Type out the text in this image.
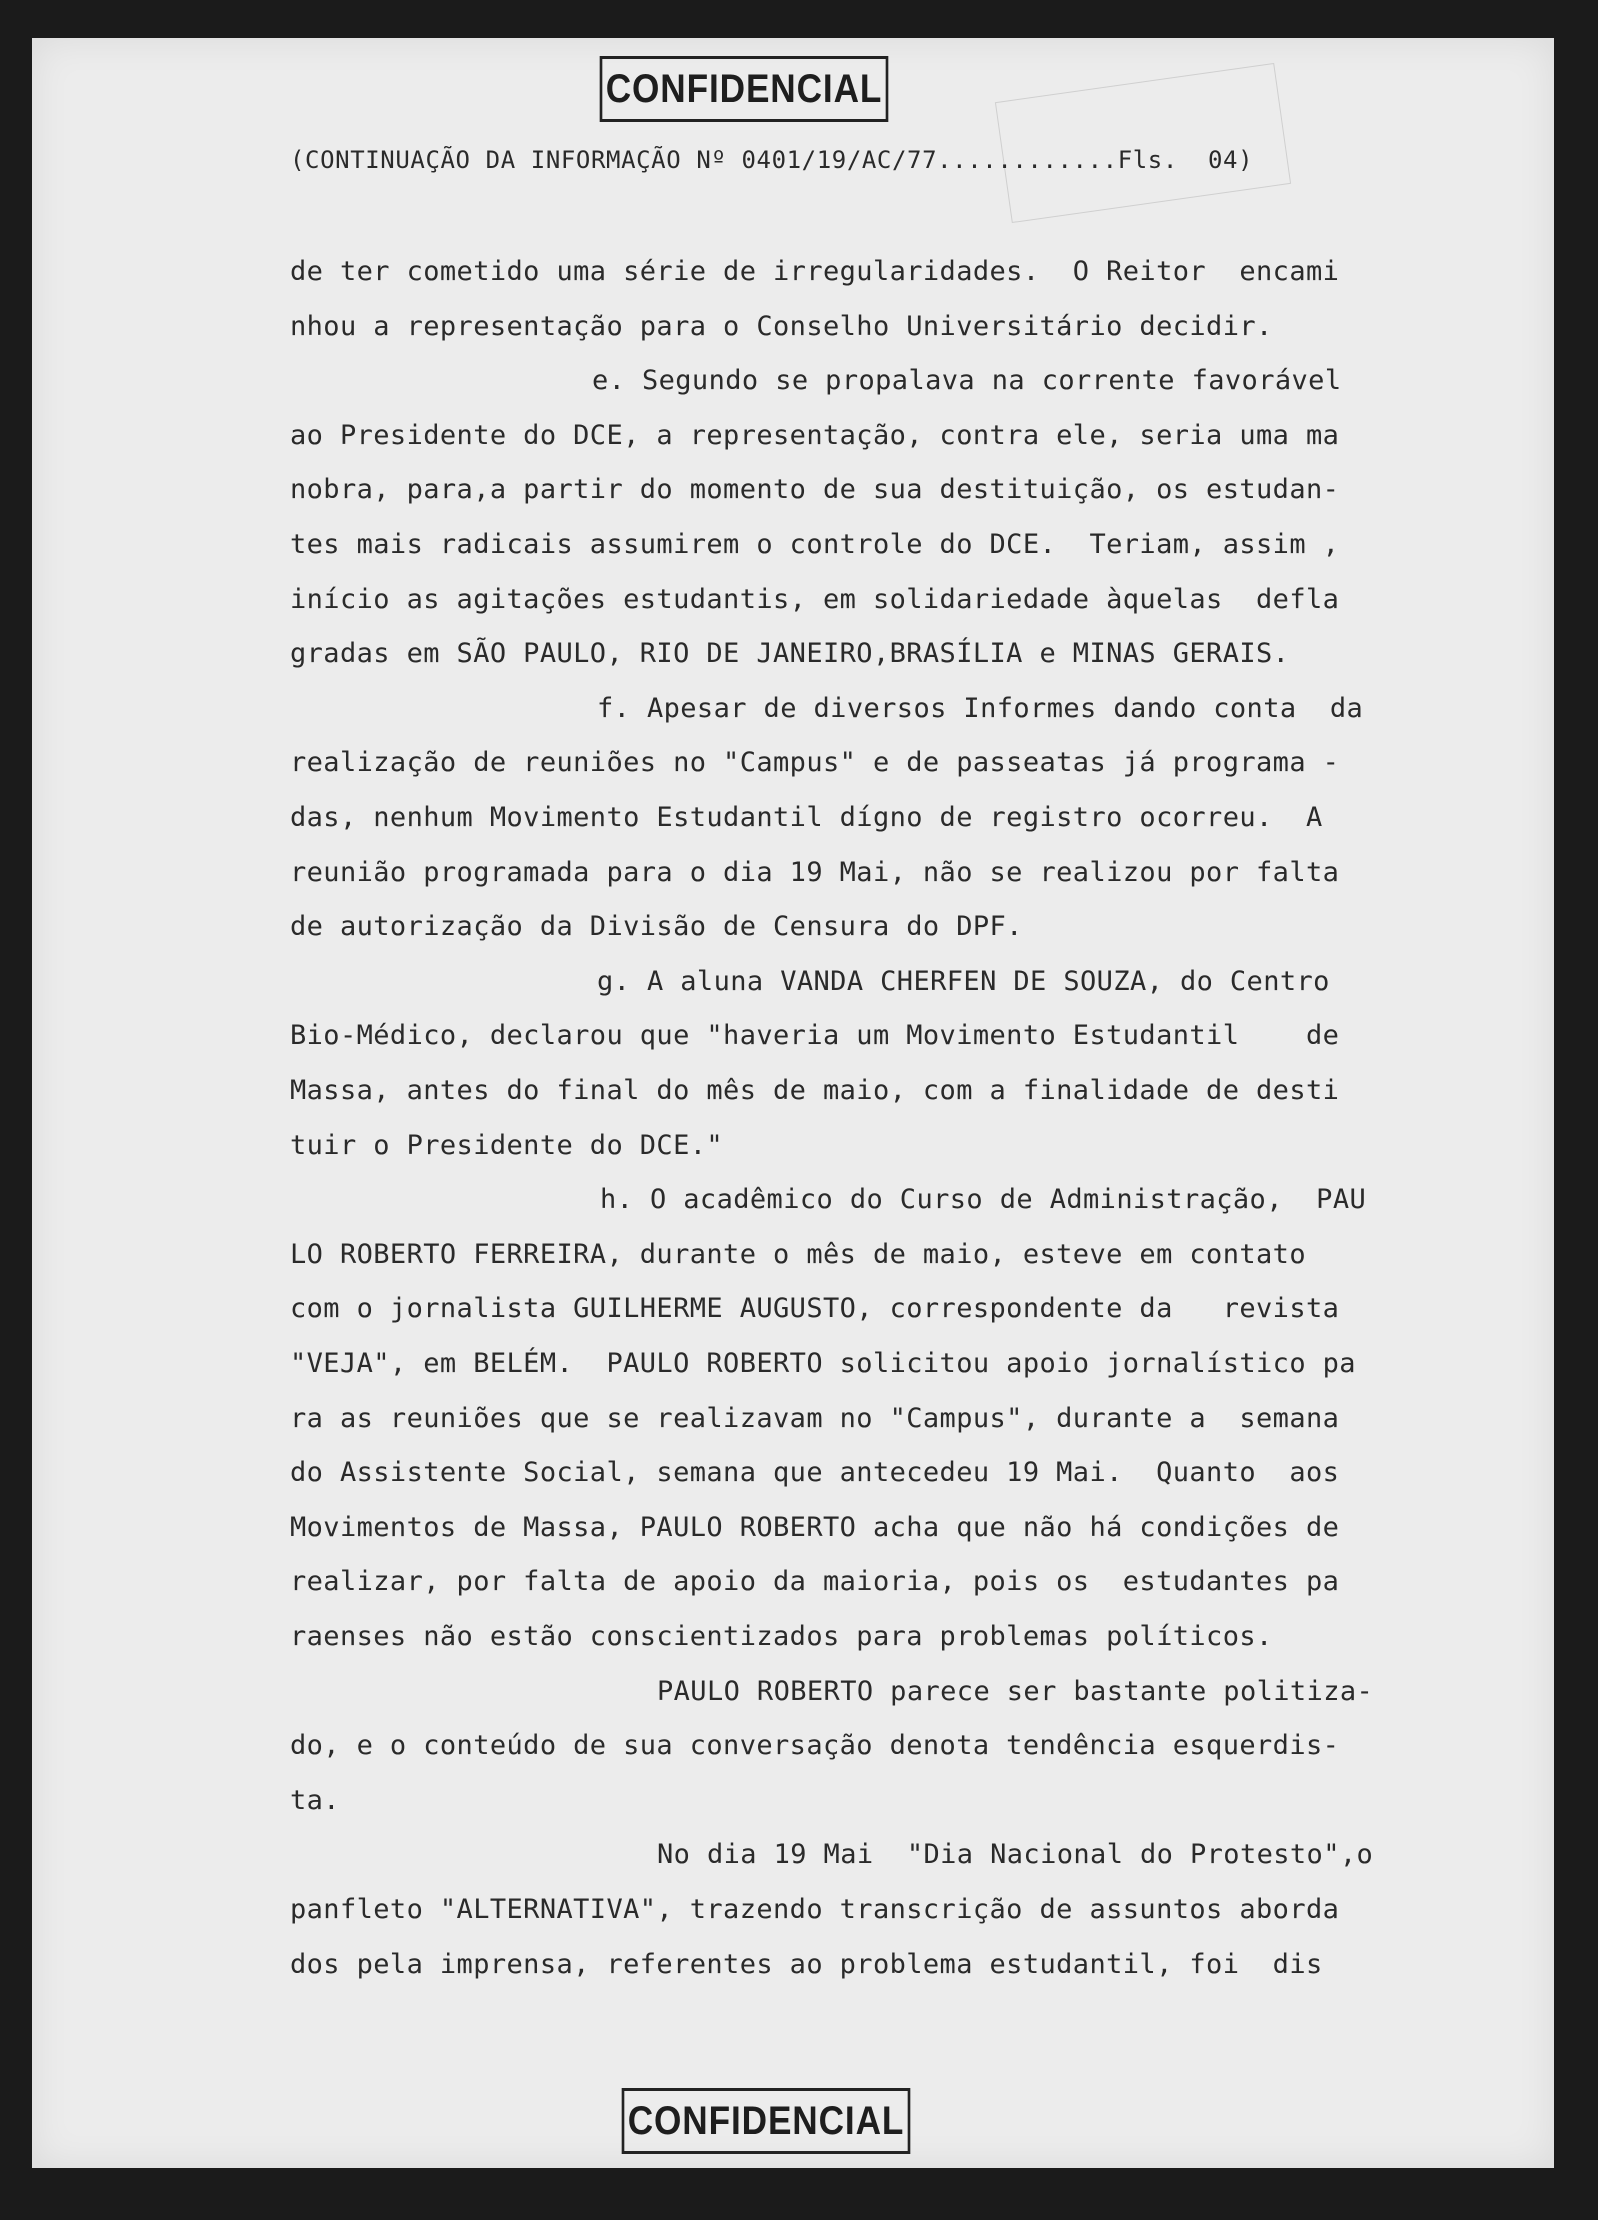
CONFIDENCIAL
(CONTINUAÇÃO DA INFORMAÇÃO Nº 0401/19/AC/77............Fls.  04)
de ter cometido uma série de irregularidades.  O Reitor  encami
nhou a representação para o Conselho Universitário decidir.
e. Segundo se propalava na corrente favorável
ao Presidente do DCE, a representação, contra ele, seria uma ma
nobra, para,a partir do momento de sua destituição, os estudan-
tes mais radicais assumirem o controle do DCE.  Teriam, assim ,
início as agitações estudantis, em solidariedade àquelas  defla
gradas em SÃO PAULO, RIO DE JANEIRO,BRASÍLIA e MINAS GERAIS.
f. Apesar de diversos Informes dando conta  da
realização de reuniões no "Campus" e de passeatas já programa -
das, nenhum Movimento Estudantil dígno de registro ocorreu.  A
reunião programada para o dia 19 Mai, não se realizou por falta
de autorização da Divisão de Censura do DPF.
g. A aluna VANDA CHERFEN DE SOUZA, do Centro
Bio-Médico, declarou que "haveria um Movimento Estudantil    de
Massa, antes do final do mês de maio, com a finalidade de desti
tuir o Presidente do DCE."
h. O acadêmico do Curso de Administração,  PAU
LO ROBERTO FERREIRA, durante o mês de maio, esteve em contato
com o jornalista GUILHERME AUGUSTO, correspondente da   revista
"VEJA", em BELÉM.  PAULO ROBERTO solicitou apoio jornalístico pa
ra as reuniões que se realizavam no "Campus", durante a  semana
do Assistente Social, semana que antecedeu 19 Mai.  Quanto  aos
Movimentos de Massa, PAULO ROBERTO acha que não há condições de
realizar, por falta de apoio da maioria, pois os  estudantes pa
raenses não estão conscientizados para problemas políticos.
PAULO ROBERTO parece ser bastante politiza-
do, e o conteúdo de sua conversação denota tendência esquerdis-
ta.
No dia 19 Mai  "Dia Nacional do Protesto",o
panfleto "ALTERNATIVA", trazendo transcrição de assuntos aborda
dos pela imprensa, referentes ao problema estudantil, foi  dis
CONFIDENCIAL
